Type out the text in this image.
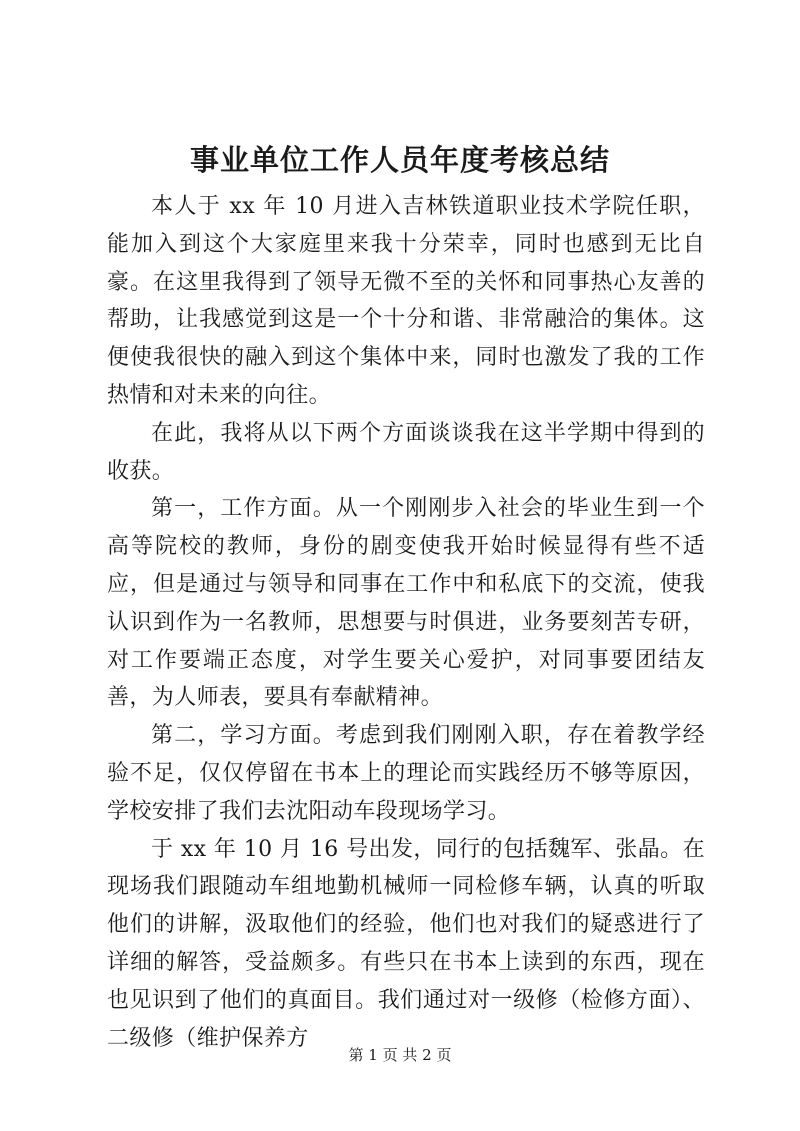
事业单位工作人员年度考核总结

本人于 xx 年 10 月进入吉林铁道职业技术学院任职，能加入到这个大家庭里来我十分荣幸，同时也感到无比自豪。在这里我得到了领导无微不至的关怀和同事热心友善的帮助，让我感觉到这是一个十分和谐、非常融洽的集体。这便使我很快的融入到这个集体中来，同时也激发了我的工作热情和对未来的向往。

在此，我将从以下两个方面谈谈我在这半学期中得到的收获。

第一，工作方面。从一个刚刚步入社会的毕业生到一个高等院校的教师，身份的剧变使我开始时候显得有些不适应，但是通过与领导和同事在工作中和私底下的交流，使我认识到作为一名教师，思想要与时俱进，业务要刻苦专研，对工作要端正态度，对学生要关心爱护，对同事要团结友善，为人师表，要具有奉献精神。

第二，学习方面。考虑到我们刚刚入职，存在着教学经验不足，仅仅停留在书本上的理论而实践经历不够等原因，学校安排了我们去沈阳动车段现场学习。

于 xx 年 10 月 16 号出发，同行的包括魏军、张晶。在现场我们跟随动车组地勤机械师一同检修车辆，认真的听取他们的讲解，汲取他们的经验，他们也对我们的疑惑进行了详细的解答，受益颇多。有些只在书本上读到的东西，现在也见识到了他们的真面目。我们通过对一级修（检修方面）、二级修（维护保养方

第 1 页 共 2 页
